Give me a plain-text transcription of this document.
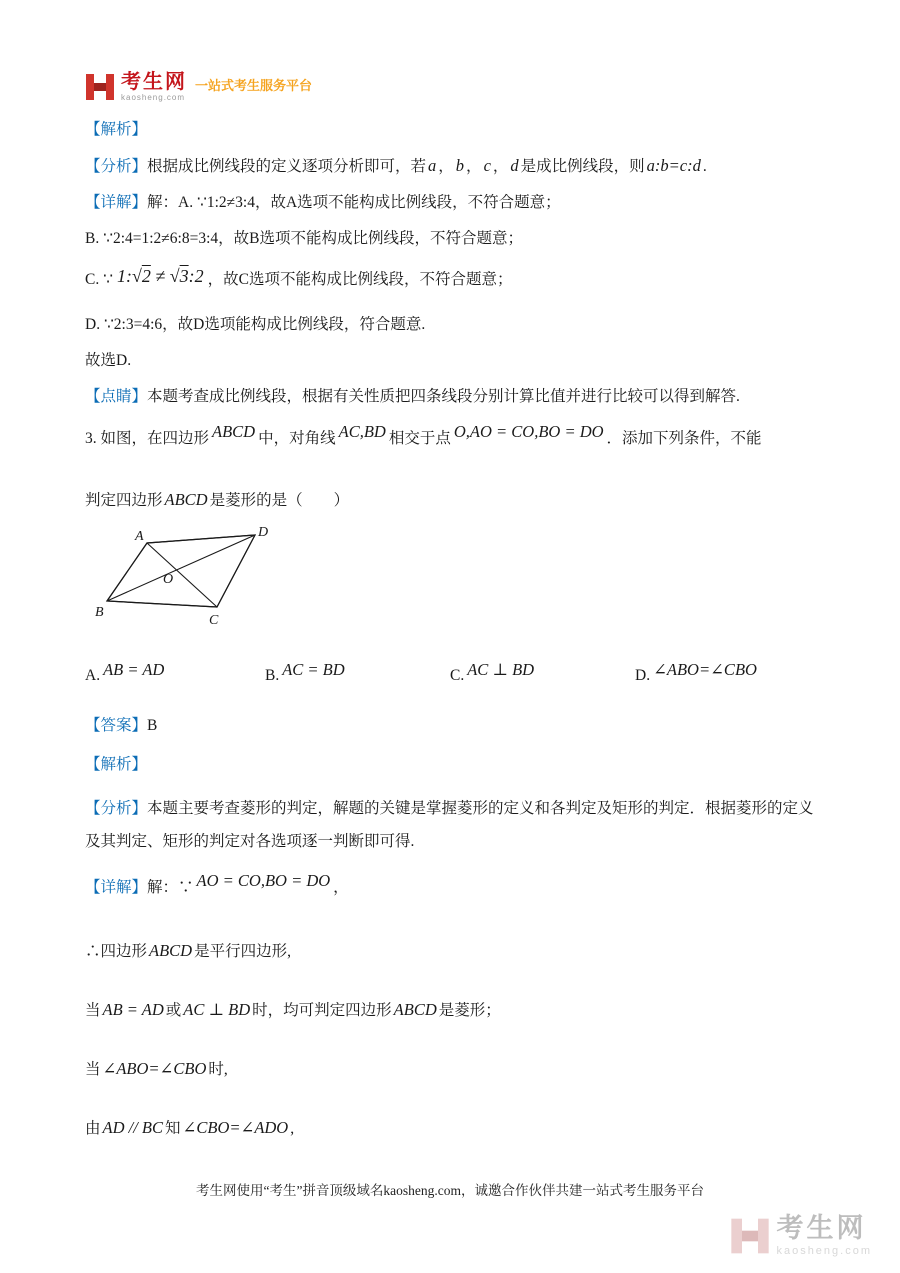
考生网
kaosheng.com
一站式考生服务平台

【解析】

【分析】根据成比例线段的定义逐项分析即可，若 a ， b ， c ， d 是成比例线段，则 a:b=c:d .

【详解】解：A. ∵1:2≠3:4，故A选项不能构成比例线段，不符合题意；

B. ∵2:4=1:2≠6:8=3:4，故B选项不能构成比例线段，不符合题意；

C. ∵ 1:√2 ≠ √3:2 ，故C选项不能构成比例线段，不符合题意；

D. ∵2:3=4:6，故D选项能构成比例线段，符合题意.

故选D.

【点睛】本题考查成比例线段，根据有关性质把四条线段分别计算比值并进行比较可以得到解答.

3. 如图，在四边形 ABCD 中，对角线 AC,BD 相交于点 O,AO = CO,BO = DO ．添加下列条件，不能

判定四边形 ABCD 是菱形的是（　　）

A	D
O
B
C
A. AB = AD	B. AC = BD	C. AC ⊥ BD	D. ∠ABO=∠CBO

【答案】B

【解析】

【分析】本题主要考查菱形的判定，解题的关键是掌握菱形的定义和各判定及矩形的判定．根据菱形的定义及其判定、矩形的判定对各选项逐一判断即可得.

【详解】解：∵ AO = CO,BO = DO ，

∴四边形 ABCD 是平行四边形,

当 AB = AD 或 AC ⊥ BD 时，均可判定四边形 ABCD 是菱形；

当 ∠ABO=∠CBO 时,

由 AD // BC 知 ∠CBO=∠ADO ,

考生网使用“考生”拼音顶级域名kaosheng.com，诚邀合作伙伴共建一站式考生服务平台
考生网
kaosheng.com
